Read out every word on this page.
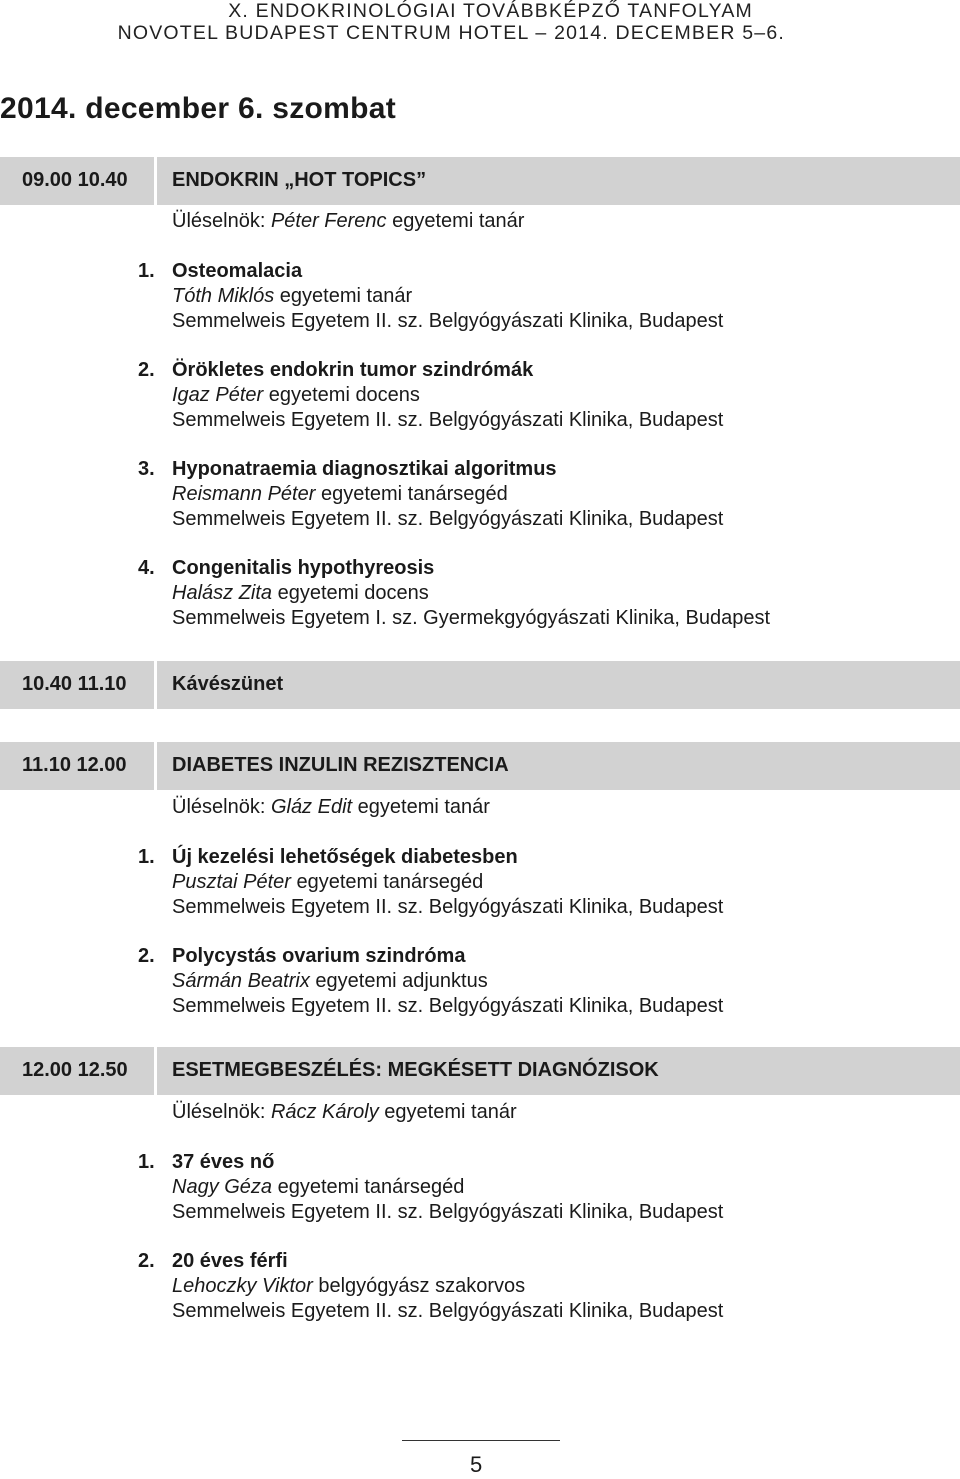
X. ENDOKRINOLÓGIAI TOVÁBBKÉPZŐ TANFOLYAM
NOVOTEL BUDAPEST CENTRUM HOTEL – 2014. DECEMBER 5–6.
2014. december 6. szombat
09.00 10.40 ENDOKRIN „HOT TOPICS”
Üléselnök: Péter Ferenc egyetemi tanár
1. Osteomalacia
Tóth Miklós egyetemi tanár
Semmelweis Egyetem II. sz. Belgyógyászati Klinika, Budapest
2. Örökletes endokrin tumor szindrómák
Igaz Péter egyetemi docens
Semmelweis Egyetem II. sz. Belgyógyászati Klinika, Budapest
3. Hyponatraemia diagnosztikai algoritmus
Reismann Péter egyetemi tanársegéd
Semmelweis Egyetem II. sz. Belgyógyászati Klinika, Budapest
4. Congenitalis hypothyreosis
Halász Zita egyetemi docens
Semmelweis Egyetem I. sz. Gyermekgyógyászati Klinika, Budapest
10.40 11.10 Kávészünet
11.10 12.00 DIABETES INZULIN REZISZTENCIA
Üléselnök: Gláz Edit egyetemi tanár
1. Új kezelési lehetőségek diabetesben
Pusztai Péter egyetemi tanársegéd
Semmelweis Egyetem II. sz. Belgyógyászati Klinika, Budapest
2. Polycystás ovarium szindróma
Sármán Beatrix egyetemi adjunktus
Semmelweis Egyetem II. sz. Belgyógyászati Klinika, Budapest
12.00 12.50 ESETMEGBESZÉLÉS: MEGKÉSETT DIAGNÓZISOK
Üléselnök: Rácz Károly egyetemi tanár
1. 37 éves nő
Nagy Géza egyetemi tanársegéd
Semmelweis Egyetem II. sz. Belgyógyászati Klinika, Budapest
2. 20 éves férfi
Lehoczky Viktor belgyógyász szakorvos
Semmelweis Egyetem II. sz. Belgyógyászati Klinika, Budapest
5
